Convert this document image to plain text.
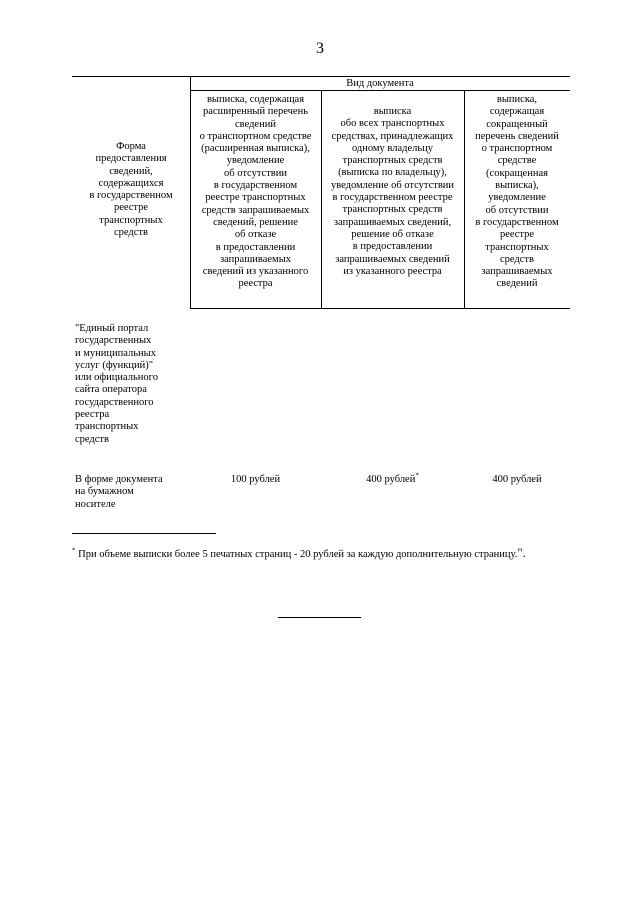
3
Вид документа
Форма
предоставления
сведений,
содержащихся
в государственном
реестре
транспортных
средств
выписка, содержащая
расширенный перечень
сведений
о транспортном средстве
(расширенная выписка),
уведомление
об отсутствии
в государственном
реестре транспортных
средств запрашиваемых
сведений, решение
об отказе
в предоставлении
запрашиваемых
сведений из указанного
реестра
выписка
обо всех транспортных
средствах, принадлежащих
одному владельцу
транспортных средств
(выписка по владельцу),
уведомление об отсутствии
в государственном реестре
транспортных средств
запрашиваемых сведений,
решение об отказе
в предоставлении
запрашиваемых сведений
из указанного реестра
выписка,
содержащая
сокращенный
перечень сведений
о транспортном
средстве
(сокращенная
выписка),
уведомление
об отсутствии
в государственном
реестре
транспортных
средств
запрашиваемых
сведений
"Единый портал
государственных
и муниципальных
услуг (функций)"
или официального
сайта оператора
государственного
реестра
транспортных
средств
В форме документа
на бумажном
носителе
100 рублей	400 рублей*	400 рублей
* При объеме выписки более 5 печатных страниц - 20 рублей за каждую дополнительную страницу.".
